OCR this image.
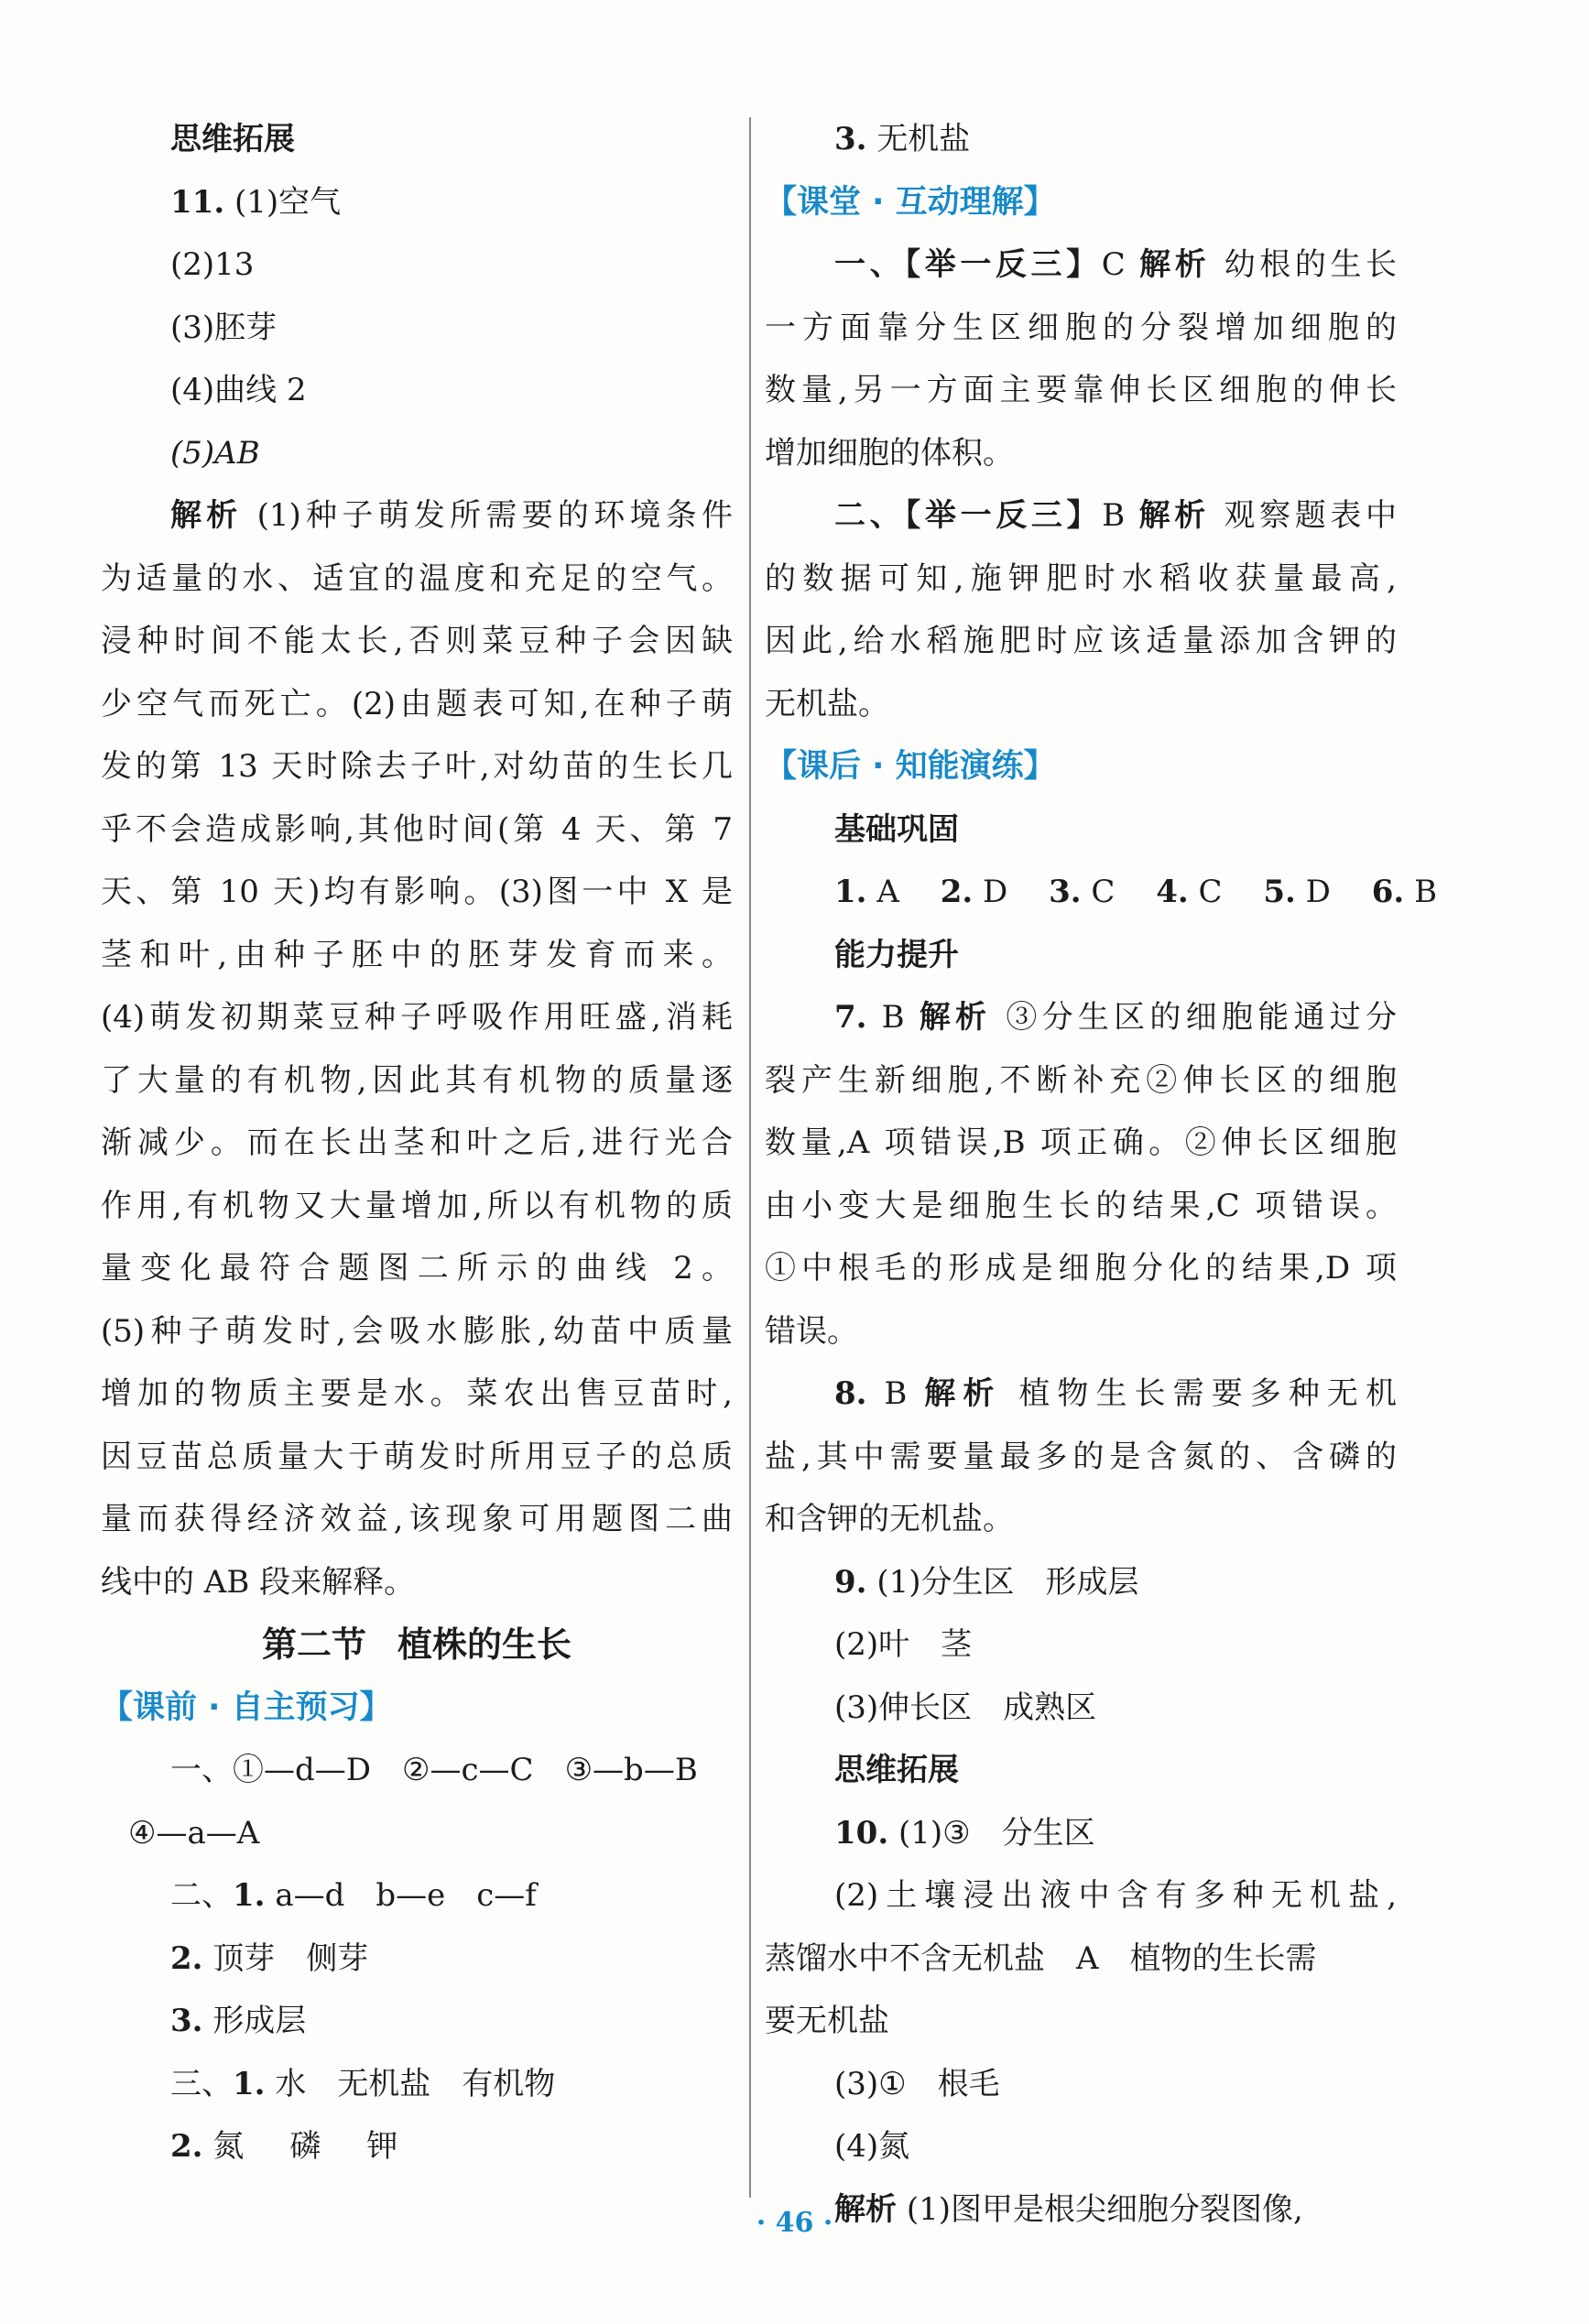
思维拓展
11. (1)空气
(2)13
(3)胚芽
(4)曲线 2
(5)AB
解析 (1)种子萌发所需要的环境条件
为适量的水、适宜的温度和充足的空气。
浸种时间不能太长,否则菜豆种子会因缺
少空气而死亡。(2)由题表可知,在种子萌
发的第 13 天时除去子叶,对幼苗的生长几
乎不会造成影响,其他时间(第 4 天、第 7
天、第 10 天)均有影响。(3)图一中 X 是
茎和叶,由种子胚中的胚芽发育而来。
(4)萌发初期菜豆种子呼吸作用旺盛,消耗
了大量的有机物,因此其有机物的质量逐
渐减少。而在长出茎和叶之后,进行光合
作用,有机物又大量增加,所以有机物的质
量变化最符合题图二所示的曲线 2。
(5)种子萌发时,会吸水膨胀,幼苗中质量
增加的物质主要是水。菜农出售豆苗时,
因豆苗总质量大于萌发时所用豆子的总质
量而获得经济效益,该现象可用题图二曲
线中的 AB 段来解释。
第二节 植株的生长
【课前 · 自主预习】
一、①—d—D ②—c—C ③—b—B
④—a—A
二、1. a—d b—e c—f
2. 顶芽 侧芽
3. 形成层
三、1. 水 无机盐 有机物
2. 氮 磷 钾
3. 无机盐
【课堂 · 互动理解】
一、【举一反三】C 解析 幼根的生长
一方面靠分生区细胞的分裂增加细胞的
数量,另一方面主要靠伸长区细胞的伸长
增加细胞的体积。
二、【举一反三】B 解析 观察题表中
的数据可知,施钾肥时水稻收获量最高,
因此,给水稻施肥时应该适量添加含钾的
无机盐。
【课后 · 知能演练】
基础巩固
1. A 2. D 3. C 4. C 5. D 6. B
能力提升
7. B 解析 ③分生区的细胞能通过分
裂产生新细胞,不断补充②伸长区的细胞
数量,A 项错误,B 项正确。②伸长区细胞
由小变大是细胞生长的结果,C 项错误。
①中根毛的形成是细胞分化的结果,D 项
错误。
8. B 解析 植物生长需要多种无机
盐,其中需要量最多的是含氮的、含磷的
和含钾的无机盐。
9. (1)分生区 形成层
(2)叶 茎
(3)伸长区 成熟区
思维拓展
10. (1)③ 分生区
(2)土壤浸出液中含有多种无机盐,
蒸馏水中不含无机盐 A 植物的生长需
要无机盐
(3)① 根毛
(4)氮
解析 (1)图甲是根尖细胞分裂图像,
· 46 ·
